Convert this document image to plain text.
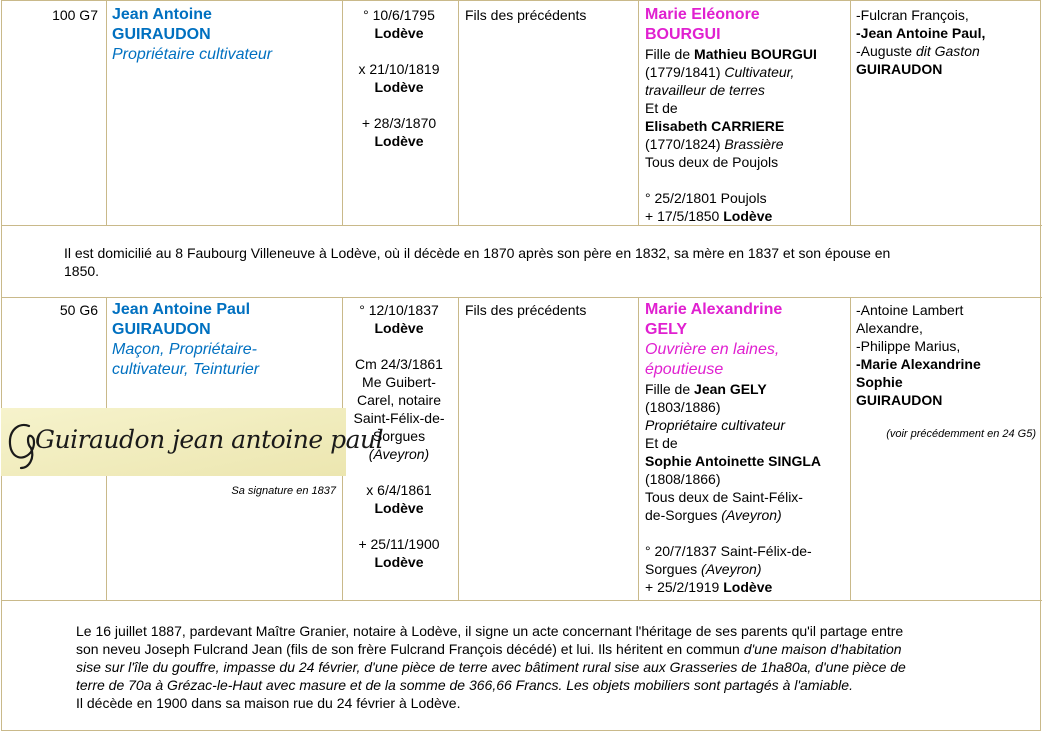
100 G7 Jean Antoine
GUIRAUDON
Propriétaire cultivateur
° 10/6/1795
Lodève
x 21/10/1819
Lodève
+ 28/3/1870
Lodève
Fils des précédents	Marie Eléonore
BOURGUI
Fille de Mathieu BOURGUI
(1779/1841) Cultivateur,
travailleur de terres
Et de
Elisabeth CARRIERE
(1770/1824) Brassière
Tous deux de Poujols
° 25/2/1801 Poujols
+ 17/5/1850 Lodève
-Fulcran François,
-Jean Antoine Paul,
-Auguste dit Gaston
GUIRAUDON
Il est domicilié au 8 Faubourg Villeneuve à Lodève, où il décède en 1870 après son père en 1832, sa mère en 1837 et son épouse en
1850.
50 G6 Jean Antoine Paul
GUIRAUDON
Maçon, Propriétaire-
cultivateur, Teinturier
Guiraudon jean antoine paul
Sa signature en 1837
° 12/10/1837
Lodève
Cm 24/3/1861
Me Guibert-
Carel, notaire
Saint-Félix-de-
Sorgues
(Aveyron)
x 6/4/1861
Lodève
+ 25/11/1900
Lodève
Fils des précédents	Marie Alexandrine
GELY
Ouvrière en laines,
époutieuse
Fille de Jean GELY
(1803/1886)
Propriétaire cultivateur
Et de
Sophie Antoinette SINGLA
(1808/1866)
Tous deux de Saint-Félix-
de-Sorgues (Aveyron)
° 20/7/1837 Saint-Félix-de-
Sorgues (Aveyron)
+ 25/2/1919 Lodève
-Antoine Lambert
Alexandre,
-Philippe Marius,
-Marie Alexandrine
Sophie
GUIRAUDON
(voir précédemment en 24 G5)
Le 16 juillet 1887, pardevant Maître Granier, notaire à Lodève, il signe un acte concernant l'héritage de ses parents qu'il partage entre
son neveu Joseph Fulcrand Jean (fils de son frère Fulcrand François décédé) et lui. Ils héritent en commun d'une maison d'habitation
sise sur l'île du gouffre, impasse du 24 février, d'une pièce de terre avec bâtiment rural sise aux Grasseries de 1ha80a, d'une pièce de
terre de 70a à Grézac-le-Haut avec masure et de la somme de 366,66 Francs. Les objets mobiliers sont partagés à l'amiable.
Il décède en 1900 dans sa maison rue du 24 février à Lodève.
